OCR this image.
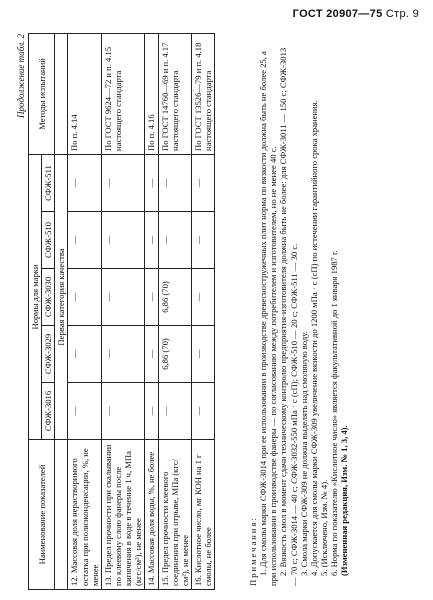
ГОСТ 20907—75 Стр. 9
Продолжение табл. 2
Наименование показателей	Нормы для марки					Методы испытаний
	СФЖ-3016	СФЖ-3029	СФЖ-3030	СФЖ-510	СФЖ-511	
	Первая категория качества					
12. Массовая доля нерастворимого остатка при полиэконденсации, %, не менее	—	—	—	—	—	По п. 4.14
13. Предел прочности при скалывании по клеевому слою фанеры после кипячения в воде в течение 1 ч, МПа (кгс/см²), не менее	—	—	—	—	—	По ГОСТ 9624—72 и п. 4.15 настоящего стандарта
14. Массовая доля воды, %, не более	—	—	—	—	—	По п. 4.16
15. Предел прочности клеевого соединения при отрыве, МПа (кгс/см²), не менее	—	6,86 (70)	6,86 (70)	—	—	По ГОСТ 14760—69 и п. 4.17 настоящего стандарта
16. Кислотное число, мг КОН на 1 г смолы, не более	—	—	—	—	—	По ГОСТ 13526—79 и п. 4.18 настоящего стандарта

Примечания: 1. Для смолы марки СФЖ-3014 при ее использовании в производстве древесностружечных плит норма по вязкости должна быть не более 25, а при использовании в производстве фанеры — по согласованию между потребителем и изготовителем, но не менее 40 с. 2. Вязкость смол в момент сдачи техническому контролю предприятия-изготовителя должна быть не более: для СФЖ-3011 — 150 с; СФЖ-3013 — 70 с; СФЖ-3014 — 40 с; СФЖ-3032-550 мПа · с (сП); СФЖ-510 — 20 с; СФЖ-511 — 30 с. 3. Смола марки СФЖ-309 не должна выделять над смоляную воду. 4. Допускается для смолы марки СФЖ-309 увеличение вязкости до 1200 мПа · с (сП) по истечении гарантийного срока хранения. 5. (Исключено, Изм. № 4). 6. Норма по показателю «Кислотное число» является факультативной до 1 января 1987 г. (Измененная редакция, Изм. № 1, 3, 4).
